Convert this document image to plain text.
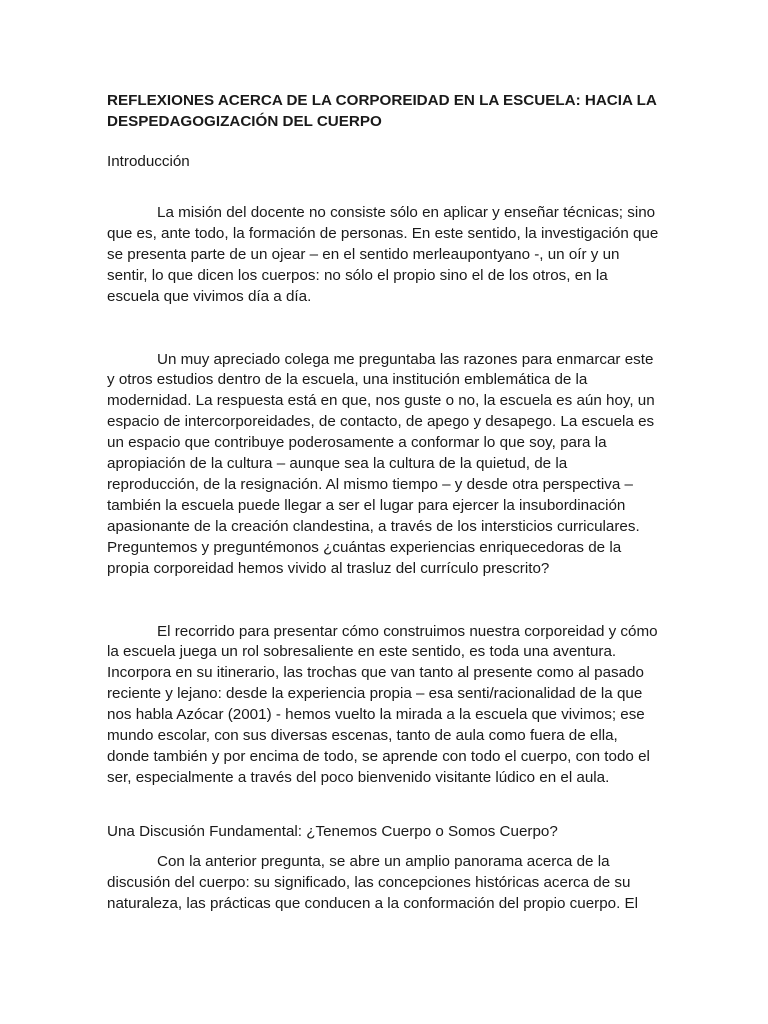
REFLEXIONES ACERCA DE LA CORPOREIDAD EN LA ESCUELA: HACIA LA DESPEDAGOGIZACIÓN DEL CUERPO

Introducción

La misión del docente no consiste sólo en aplicar y enseñar técnicas; sino que es, ante todo, la formación de personas. En este sentido, la investigación que se presenta parte de un ojear – en el sentido merleaupontyano -, un oír y un sentir, lo que dicen los cuerpos: no sólo el propio sino el de los otros, en la escuela que vivimos día a día.

Un muy apreciado colega me preguntaba las razones para enmarcar este y otros estudios dentro de la escuela, una institución emblemática de la modernidad. La respuesta está en que, nos guste o no, la escuela es aún hoy, un espacio de intercorporeidades, de contacto, de apego y desapego. La escuela es un espacio que contribuye poderosamente a conformar lo que soy, para la apropiación de la cultura – aunque sea la cultura de la quietud, de la reproducción, de la resignación. Al mismo tiempo – y desde otra perspectiva – también la escuela puede llegar a ser el lugar para ejercer la insubordinación apasionante de la creación clandestina, a través de los intersticios curriculares. Preguntemos y preguntémonos ¿cuántas experiencias enriquecedoras de la propia corporeidad hemos vivido al trasluz del currículo prescrito?

El recorrido para presentar cómo construimos nuestra corporeidad y cómo la escuela juega un rol sobresaliente en este sentido, es toda una aventura. Incorpora en su itinerario, las trochas que van tanto al presente como al pasado reciente y lejano: desde la experiencia propia – esa senti/racionalidad de la que nos habla Azócar (2001) - hemos vuelto la mirada a la escuela que vivimos; ese mundo escolar, con sus diversas escenas, tanto de aula como fuera de ella, donde también y por encima de todo, se aprende con todo el cuerpo, con todo el ser, especialmente a través del poco bienvenido visitante lúdico en el aula.

Una Discusión Fundamental: ¿Tenemos Cuerpo o Somos Cuerpo?

Con la anterior pregunta, se abre un amplio panorama acerca de la discusión del cuerpo: su significado, las concepciones históricas acerca de su naturaleza, las prácticas que conducen a la conformación del propio cuerpo. El
